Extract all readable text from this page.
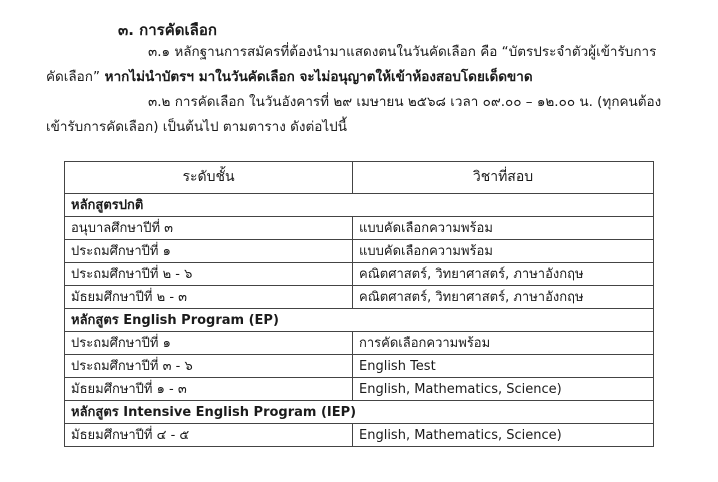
๓. การคัดเลือก
๓.๑ หลักฐานการสมัครที่ต้องนำมาแสดงตนในวันคัดเลือก คือ “บัตรประจำตัวผู้เข้ารับการ
คัดเลือก” หากไม่นำบัตรฯ มาในวันคัดเลือก จะไม่อนุญาตให้เข้าห้องสอบโดยเด็ดขาด
๓.๒ การคัดเลือก ในวันอังคารที่ ๒๙ เมษายน ๒๕๖๘ เวลา ๐๙.๐๐ – ๑๒.๐๐ น. (ทุกคนต้อง
เข้ารับการคัดเลือก) เป็นต้นไป ตามตาราง ดังต่อไปนี้
ระดับชั้น	วิชาที่สอบ
หลักสูตรปกติ	
อนุบาลศึกษาปีที่ ๓	แบบคัดเลือกความพร้อม
ประถมศึกษาปีที่ ๑	แบบคัดเลือกความพร้อม
ประถมศึกษาปีที่ ๒ - ๖	คณิตศาสตร์, วิทยาศาสตร์, ภาษาอังกฤษ
มัธยมศึกษาปีที่ ๒ - ๓	คณิตศาสตร์, วิทยาศาสตร์, ภาษาอังกฤษ
หลักสูตร English Program (EP)	
ประถมศึกษาปีที่ ๑	การคัดเลือกความพร้อม
ประถมศึกษาปีที่ ๓ - ๖	English Test
มัธยมศึกษาปีที่ ๑ - ๓	English, Mathematics, Science)
หลักสูตร Intensive English Program (IEP)	
มัธยมศึกษาปีที่ ๔ - ๕	English, Mathematics, Science)
